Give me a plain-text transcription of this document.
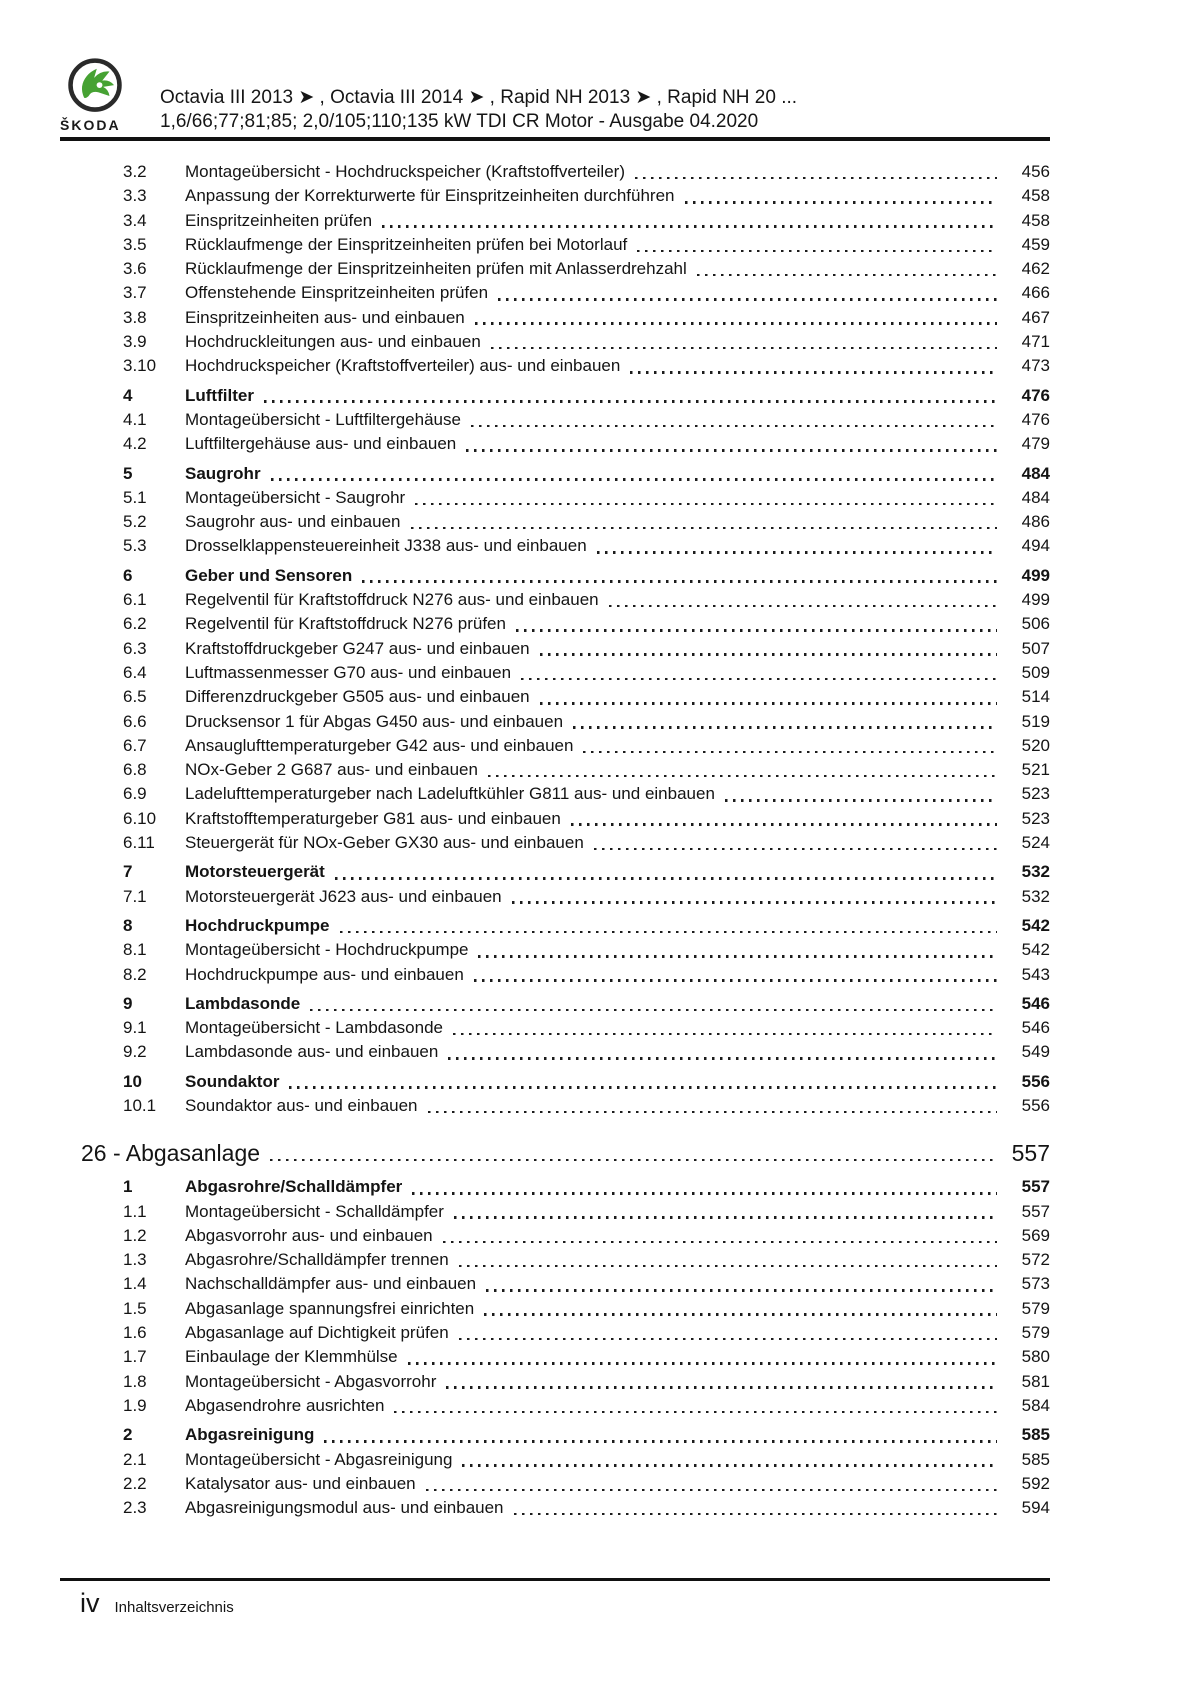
ŠKODA
Octavia III 2013 ➤ , Octavia III 2014 ➤ , Rapid NH 2013 ➤ , Rapid NH 20 ...
1,6/66;77;81;85; 2,0/105;110;135 kW TDI CR Motor - Ausgabe 04.2020
3.2	Montageübersicht - Hochdruckspeicher (Kraftstoffverteiler)	456
3.3	Anpassung der Korrekturwerte für Einspritzeinheiten durchführen	458
3.4	Einspritzeinheiten prüfen	458
3.5	Rücklaufmenge der Einspritzeinheiten prüfen bei Motorlauf	459
3.6	Rücklaufmenge der Einspritzeinheiten prüfen mit Anlasserdrehzahl	462
3.7	Offenstehende Einspritzeinheiten prüfen	466
3.8	Einspritzeinheiten aus- und einbauen	467
3.9	Hochdruckleitungen aus- und einbauen	471
3.10	Hochdruckspeicher (Kraftstoffverteiler) aus- und einbauen	473
4	Luftfilter	476
4.1	Montageübersicht - Luftfiltergehäuse	476
4.2	Luftfiltergehäuse aus- und einbauen	479
5	Saugrohr	484
5.1	Montageübersicht - Saugrohr	484
5.2	Saugrohr aus- und einbauen	486
5.3	Drosselklappensteuereinheit J338 aus- und einbauen	494
6	Geber und Sensoren	499
6.1	Regelventil für Kraftstoffdruck N276 aus- und einbauen	499
6.2	Regelventil für Kraftstoffdruck N276 prüfen	506
6.3	Kraftstoffdruckgeber G247 aus- und einbauen	507
6.4	Luftmassenmesser G70 aus- und einbauen	509
6.5	Differenzdruckgeber G505 aus- und einbauen	514
6.6	Drucksensor 1 für Abgas G450 aus- und einbauen	519
6.7	Ansauglufttemperaturgeber G42 aus- und einbauen	520
6.8	NOx-Geber 2 G687 aus- und einbauen	521
6.9	Ladelufttemperaturgeber nach Ladeluftkühler G811 aus- und einbauen	523
6.10	Kraftstofftemperaturgeber G81 aus- und einbauen	523
6.11	Steuergerät für NOx-Geber GX30 aus- und einbauen	524
7	Motorsteuergerät	532
7.1	Motorsteuergerät J623 aus- und einbauen	532
8	Hochdruckpumpe	542
8.1	Montageübersicht - Hochdruckpumpe	542
8.2	Hochdruckpumpe aus- und einbauen	543
9	Lambdasonde	546
9.1	Montageübersicht - Lambdasonde	546
9.2	Lambdasonde aus- und einbauen	549
10	Soundaktor	556
10.1	Soundaktor aus- und einbauen	556
26 - Abgasanlage	557
1	Abgasrohre/Schalldämpfer	557
1.1	Montageübersicht - Schalldämpfer	557
1.2	Abgasvorrohr aus- und einbauen	569
1.3	Abgasrohre/Schalldämpfer trennen	572
1.4	Nachschalldämpfer aus- und einbauen	573
1.5	Abgasanlage spannungsfrei einrichten	579
1.6	Abgasanlage auf Dichtigkeit prüfen	579
1.7	Einbaulage der Klemmhülse	580
1.8	Montageübersicht - Abgasvorrohr	581
1.9	Abgasendrohre ausrichten	584
2	Abgasreinigung	585
2.1	Montageübersicht - Abgasreinigung	585
2.2	Katalysator aus- und einbauen	592
2.3	Abgasreinigungsmodul aus- und einbauen	594
iv Inhaltsverzeichnis
